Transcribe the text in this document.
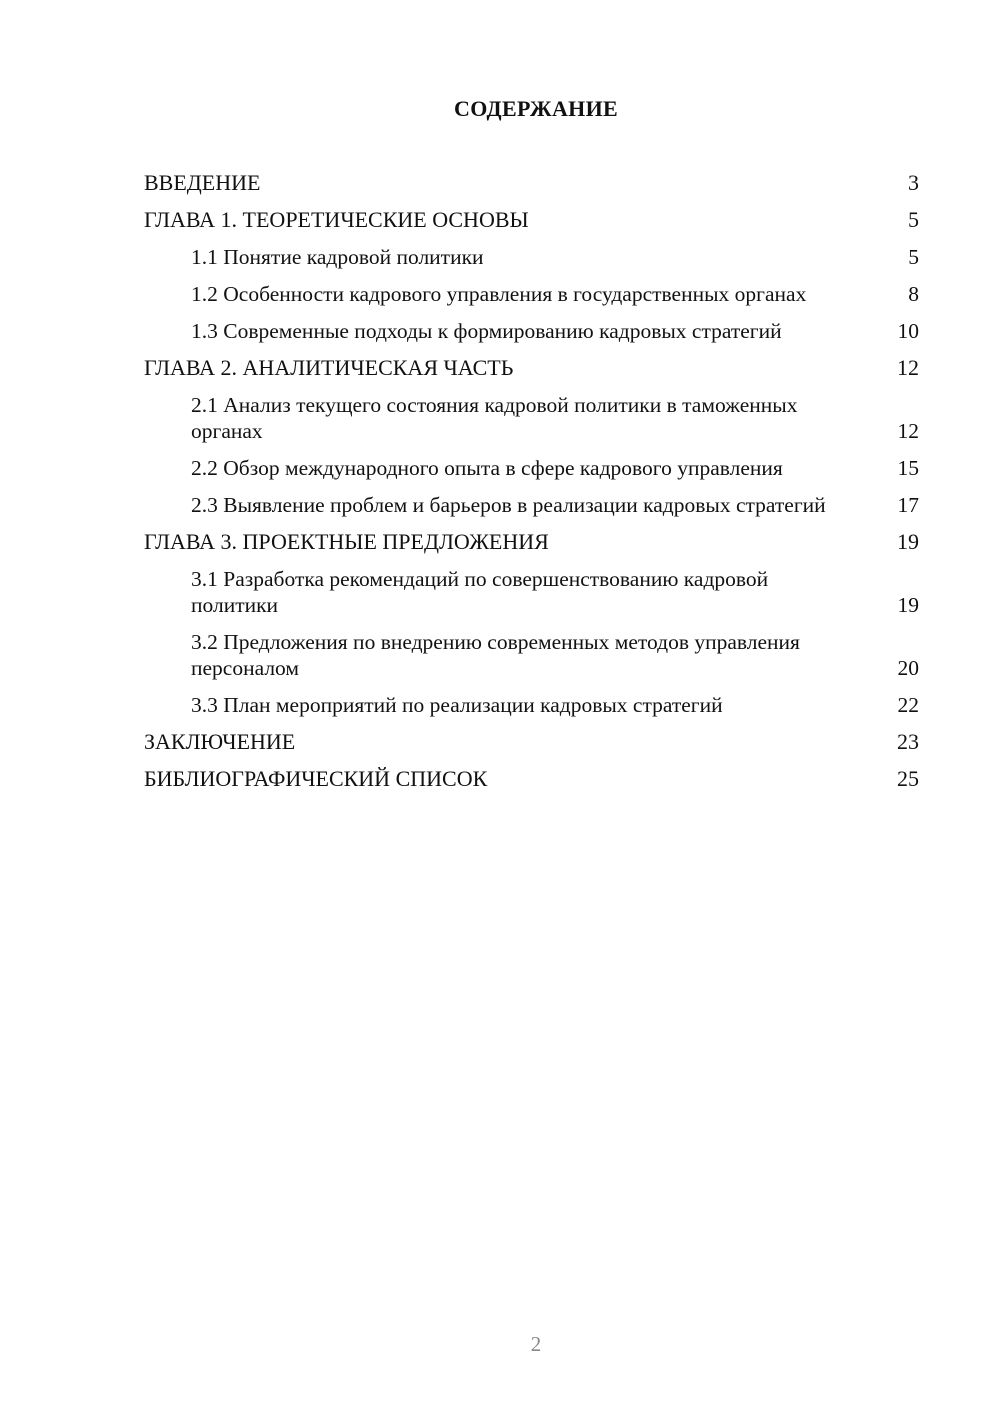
СОДЕРЖАНИЕ
ВВЕДЕНИЕ	3
ГЛАВА 1. ТЕОРЕТИЧЕСКИЕ ОСНОВЫ	5
1.1 Понятие кадровой политики	5
1.2 Особенности кадрового управления в государственных органах	8
1.3 Современные подходы к формированию кадровых стратегий	10
ГЛАВА 2. АНАЛИТИЧЕСКАЯ ЧАСТЬ	12
2.1 Анализ текущего состояния кадровой политики в таможенных органах	12
2.2 Обзор международного опыта в сфере кадрового управления	15
2.3 Выявление проблем и барьеров в реализации кадровых стратегий	17
ГЛАВА 3. ПРОЕКТНЫЕ ПРЕДЛОЖЕНИЯ	19
3.1 Разработка рекомендаций по совершенствованию кадровой политики	19
3.2 Предложения по внедрению современных методов управления персоналом	20
3.3 План мероприятий по реализации кадровых стратегий	22
ЗАКЛЮЧЕНИЕ	23
БИБЛИОГРАФИЧЕСКИЙ СПИСОК	25
2
